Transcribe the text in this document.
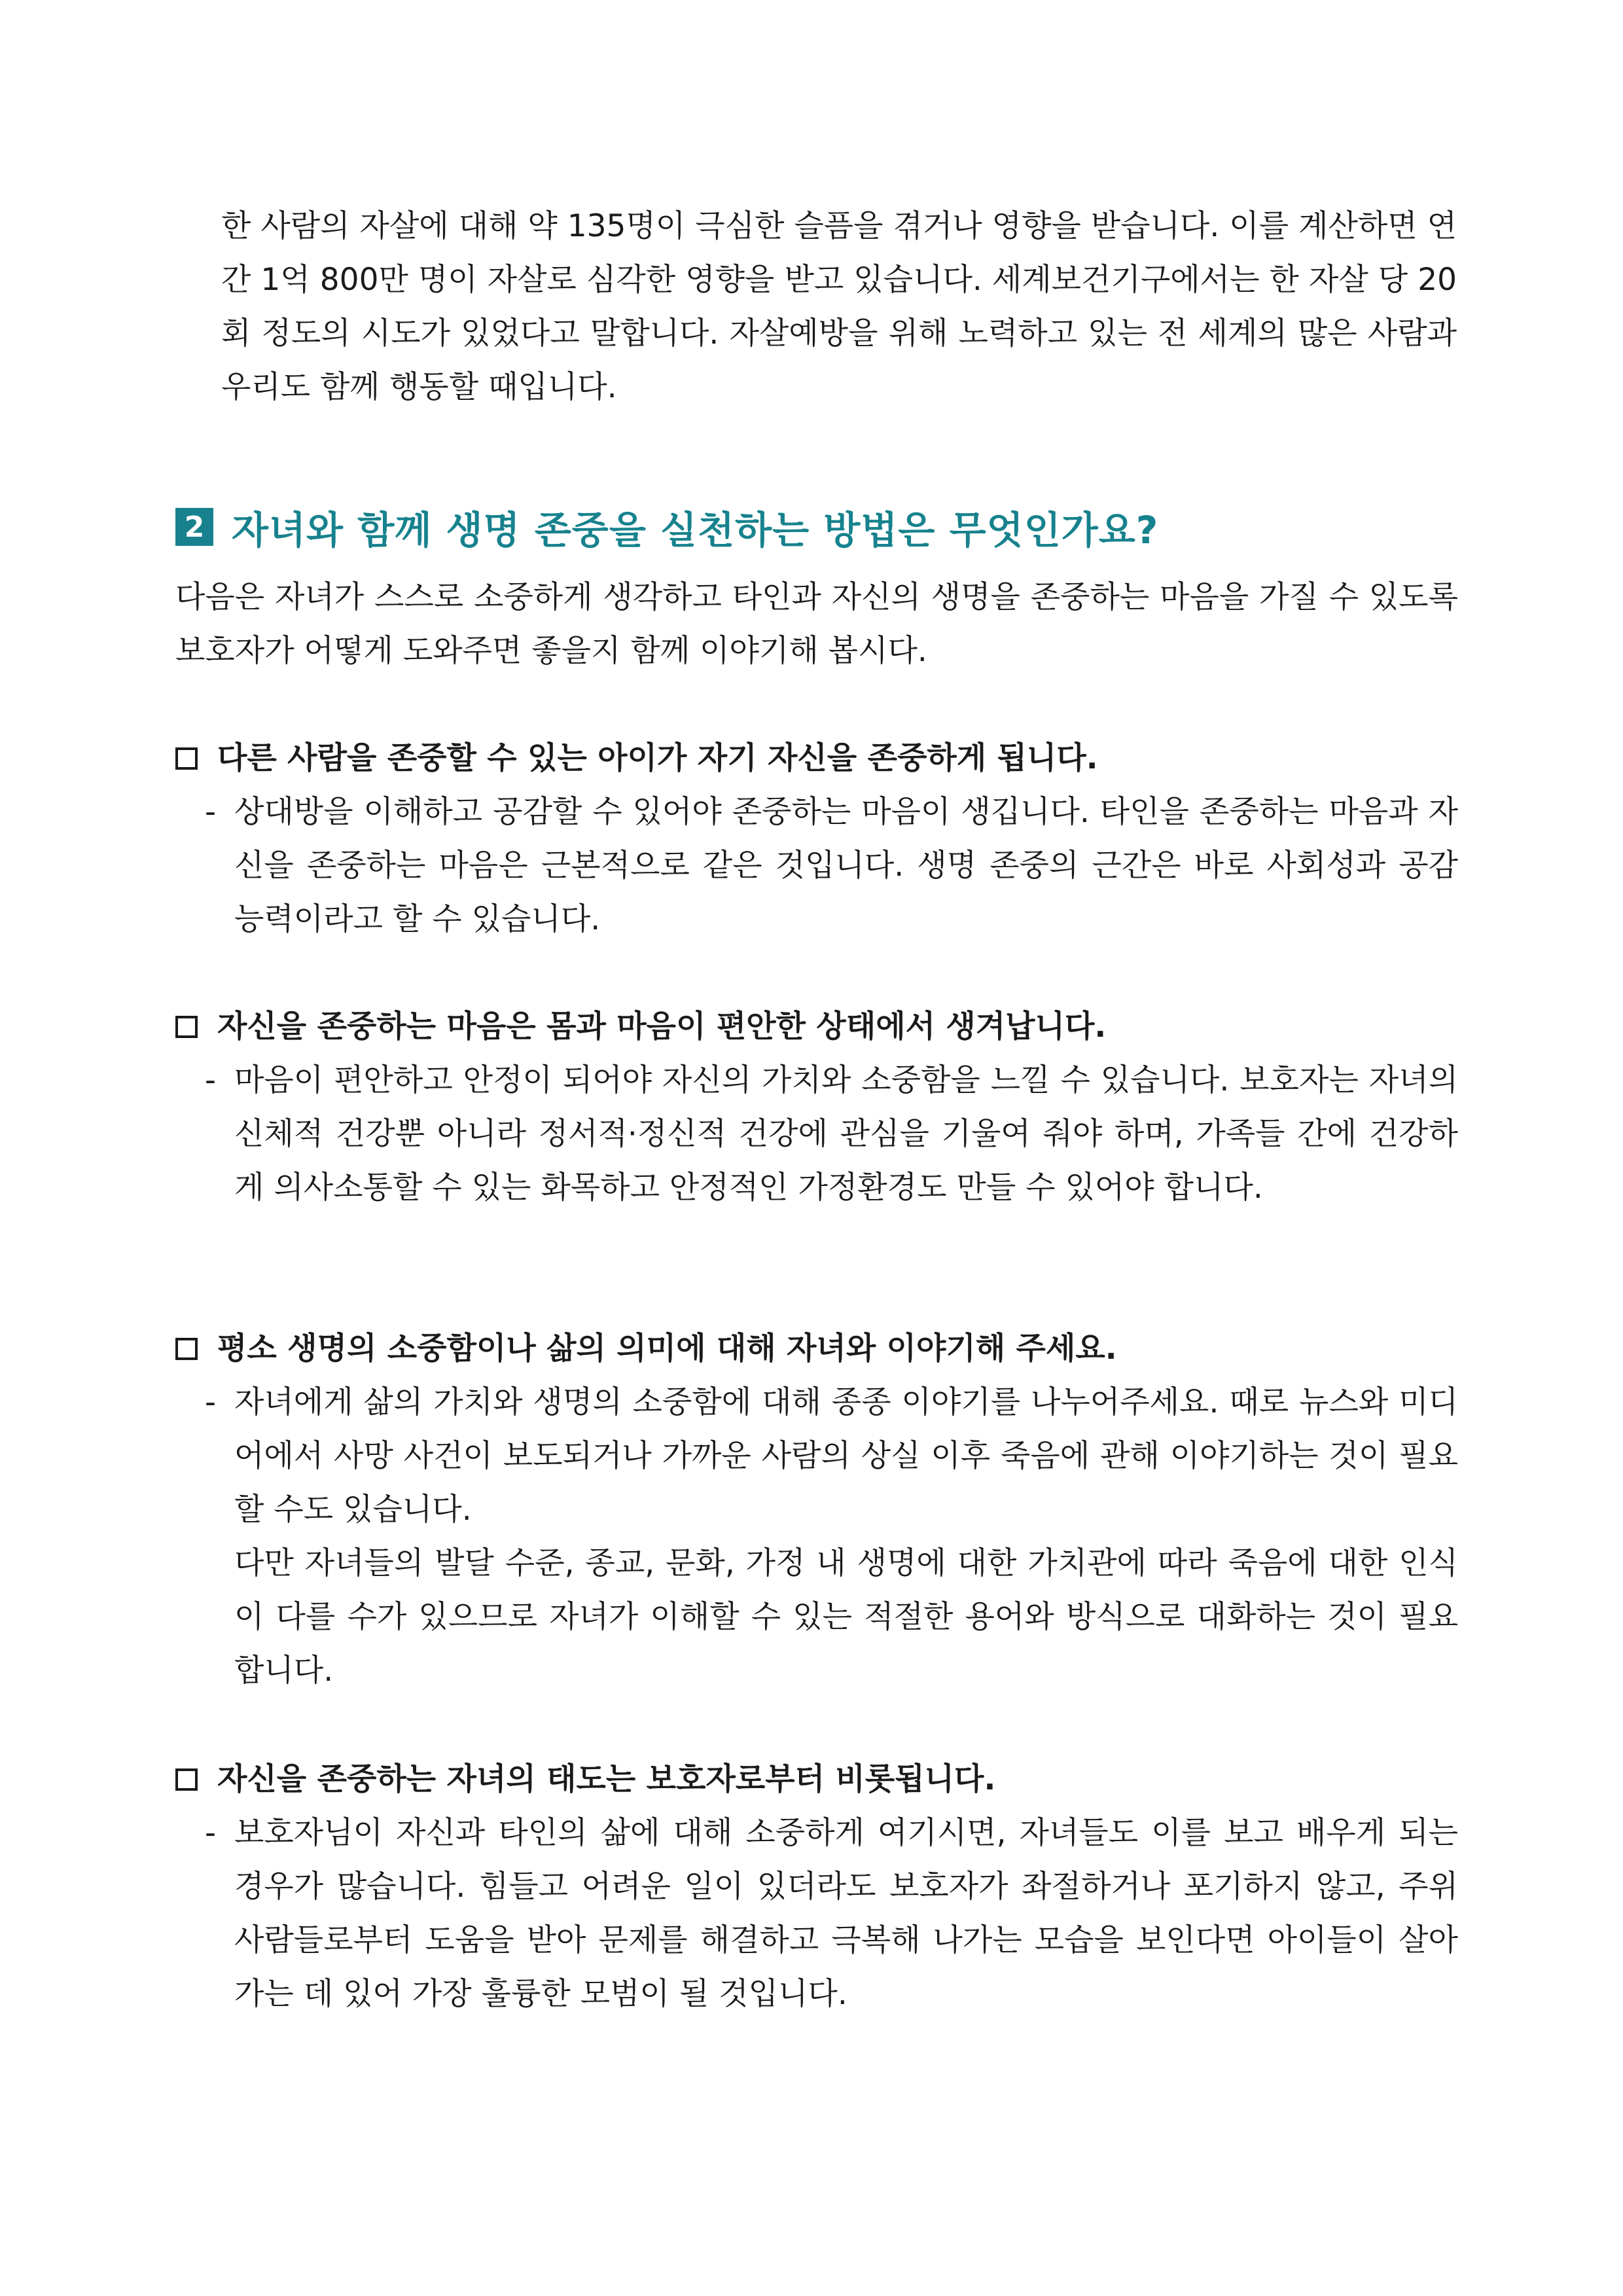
한 사람의 자살에 대해 약 135명이 극심한 슬픔을 겪거나 영향을 받습니다. 이를 계산하면 연간 1억 800만 명이 자살로 심각한 영향을 받고 있습니다. 세계보건기구에서는 한 자살 당 20회 정도의 시도가 있었다고 말합니다. 자살예방을 위해 노력하고 있는 전 세계의 많은 사람과 우리도 함께 행동할 때입니다.

2 자녀와 함께 생명 존중을 실천하는 방법은 무엇인가요?

다음은 자녀가 스스로 소중하게 생각하고 타인과 자신의 생명을 존중하는 마음을 가질 수 있도록 보호자가 어떻게 도와주면 좋을지 함께 이야기해 봅시다.

다른 사람을 존중할 수 있는 아이가 자기 자신을 존중하게 됩니다.
- 상대방을 이해하고 공감할 수 있어야 존중하는 마음이 생깁니다. 타인을 존중하는 마음과 자신을 존중하는 마음은 근본적으로 같은 것입니다. 생명 존중의 근간은 바로 사회성과 공감 능력이라고 할 수 있습니다.

자신을 존중하는 마음은 몸과 마음이 편안한 상태에서 생겨납니다.
- 마음이 편안하고 안정이 되어야 자신의 가치와 소중함을 느낄 수 있습니다. 보호자는 자녀의 신체적 건강뿐 아니라 정서적·정신적 건강에 관심을 기울여 줘야 하며, 가족들 간에 건강하게 의사소통할 수 있는 화목하고 안정적인 가정환경도 만들 수 있어야 합니다.

평소 생명의 소중함이나 삶의 의미에 대해 자녀와 이야기해 주세요.
- 자녀에게 삶의 가치와 생명의 소중함에 대해 종종 이야기를 나누어주세요. 때로 뉴스와 미디어에서 사망 사건이 보도되거나 가까운 사람의 상실 이후 죽음에 관해 이야기하는 것이 필요할 수도 있습니다.

다만 자녀들의 발달 수준, 종교, 문화, 가정 내 생명에 대한 가치관에 따라 죽음에 대한 인식이 다를 수가 있으므로 자녀가 이해할 수 있는 적절한 용어와 방식으로 대화하는 것이 필요합니다.

자신을 존중하는 자녀의 태도는 보호자로부터 비롯됩니다.
- 보호자님이 자신과 타인의 삶에 대해 소중하게 여기시면, 자녀들도 이를 보고 배우게 되는 경우가 많습니다. 힘들고 어려운 일이 있더라도 보호자가 좌절하거나 포기하지 않고, 주위 사람들로부터 도움을 받아 문제를 해결하고 극복해 나가는 모습을 보인다면 아이들이 살아가는 데 있어 가장 훌륭한 모범이 될 것입니다.
